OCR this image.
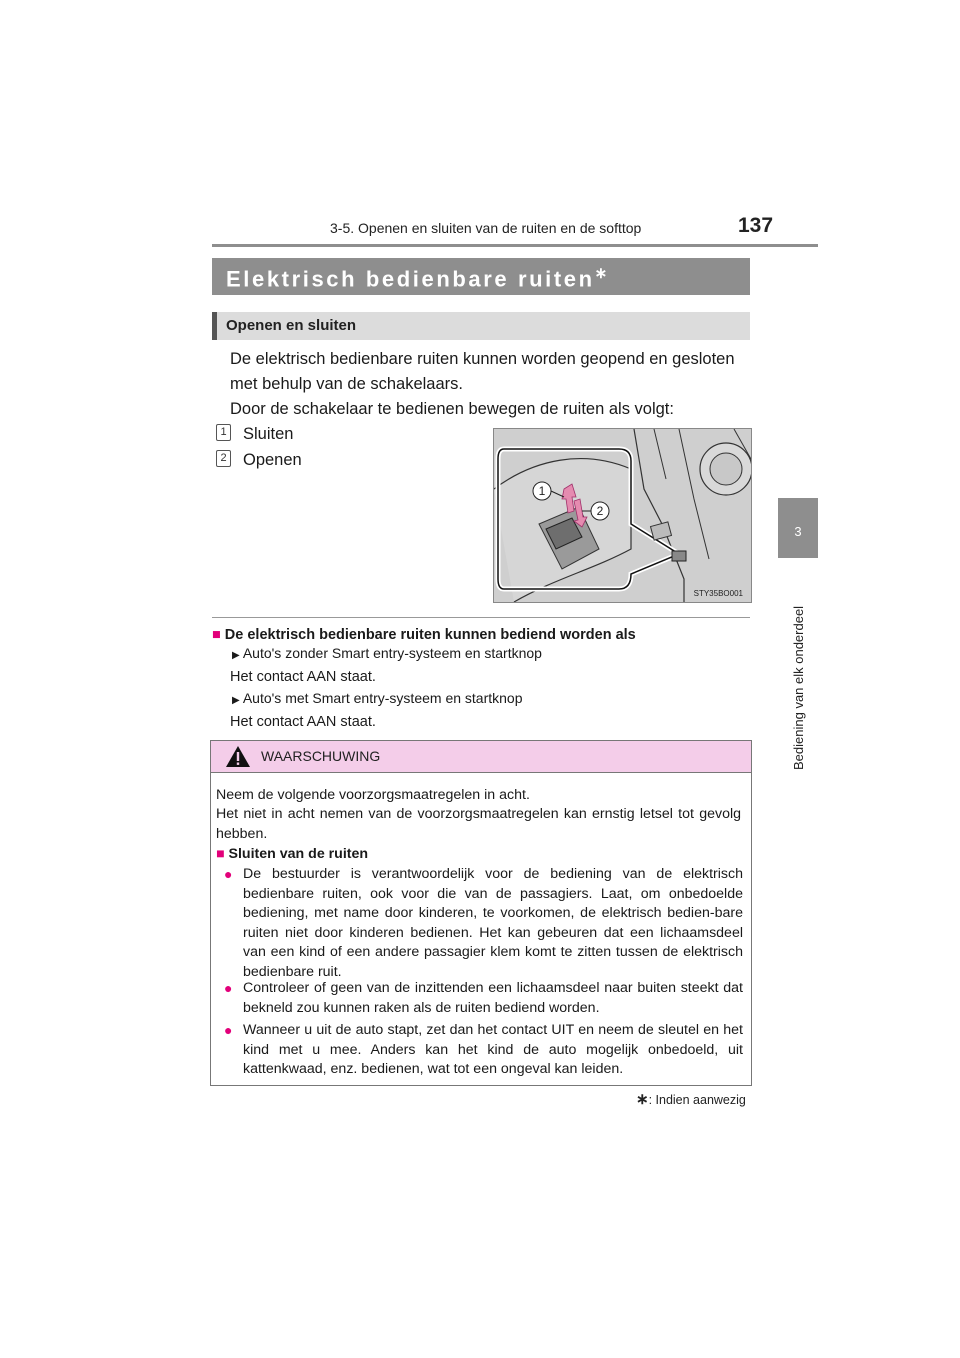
3-5. Openen en sluiten van de ruiten en de softtop	137
3
Bediening van elk onderdeel
Elektrisch bedienbare ruiten∗
Openen en sluiten
De elektrisch bedienbare ruiten kunnen worden geopend en gesloten
met behulp van de schakelaars.
Door de schakelaar te bedienen bewegen de ruiten als volgt:
1 Sluiten
2 Openen
1
2
STY35BO001
■ De elektrisch bedienbare ruiten kunnen bediend worden als
▶ Auto's zonder Smart entry-systeem en startknop
Het contact AAN staat.
▶ Auto's met Smart entry-systeem en startknop
Het contact AAN staat.
WAARSCHUWING
Neem de volgende voorzorgsmaatregelen in acht.
Het niet in acht nemen van de voorzorgsmaatregelen kan ernstig letsel tot gevolg hebben.
■ Sluiten van de ruiten
● De bestuurder is verantwoordelijk voor de bediening van de elektrisch bedienbare ruiten, ook voor die van de passagiers. Laat, om onbedoelde bediening, met name door kinderen, te voorkomen, de elektrisch bedien-bare ruiten niet door kinderen bedienen. Het kan gebeuren dat een lichaamsdeel van een kind of een andere passagier klem komt te zitten tussen de elektrisch bedienbare ruit.
● Controleer of geen van de inzittenden een lichaamsdeel naar buiten steekt dat bekneld zou kunnen raken als de ruiten bediend worden.
● Wanneer u uit de auto stapt, zet dan het contact UIT en neem de sleutel en het kind met u mee. Anders kan het kind de auto mogelijk onbedoeld, uit kattenkwaad, enz. bedienen, wat tot een ongeval kan leiden.
∗: Indien aanwezig
